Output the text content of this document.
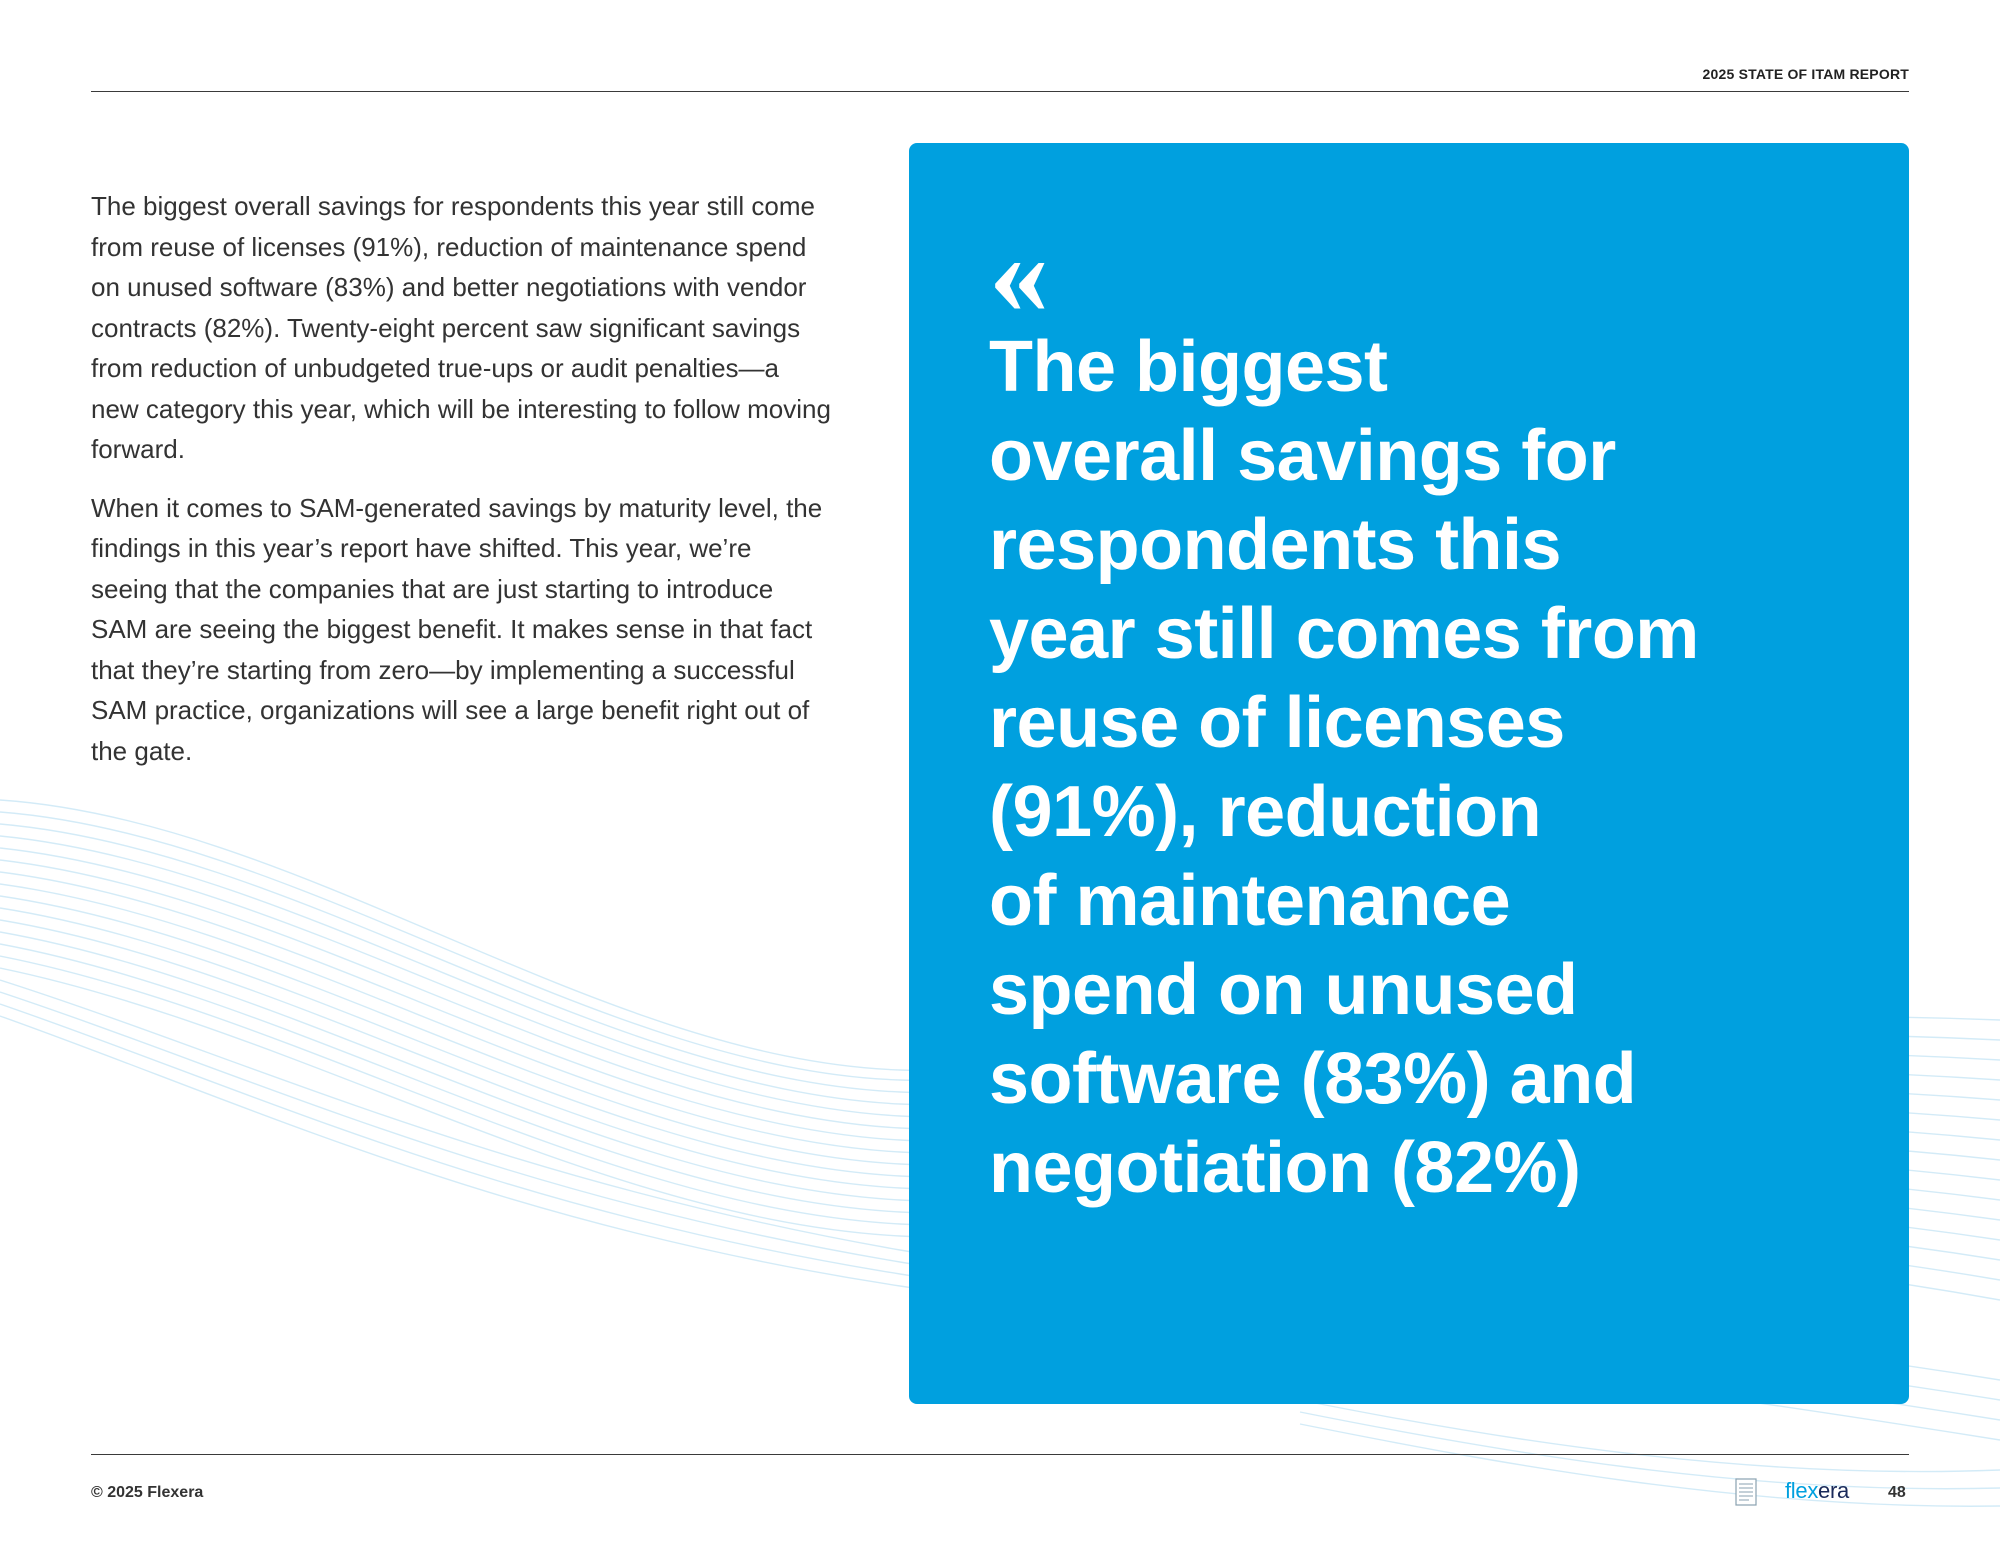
2025 STATE OF ITAM REPORT

The biggest overall savings for respondents this year still come from reuse of licenses (91%), reduction of maintenance spend on unused software (83%) and better negotiations with vendor contracts (82%). Twenty-eight percent saw significant savings from reduction of unbudgeted true-ups or audit penalties—a new category this year, which will be interesting to follow moving forward.

When it comes to SAM-generated savings by maturity level, the findings in this year’s report have shifted. This year, we’re seeing that the companies that are just starting to introduce SAM are seeing the biggest benefit. It makes sense in that fact that they’re starting from zero—by implementing a successful SAM practice, organizations will see a large benefit right out of the gate.

«
The biggest
overall savings for
respondents this
year still comes from
reuse of licenses
(91%), reduction
of maintenance
spend on unused
software (83%) and
negotiation (82%)
© 2025 Flexera	flexera 48
